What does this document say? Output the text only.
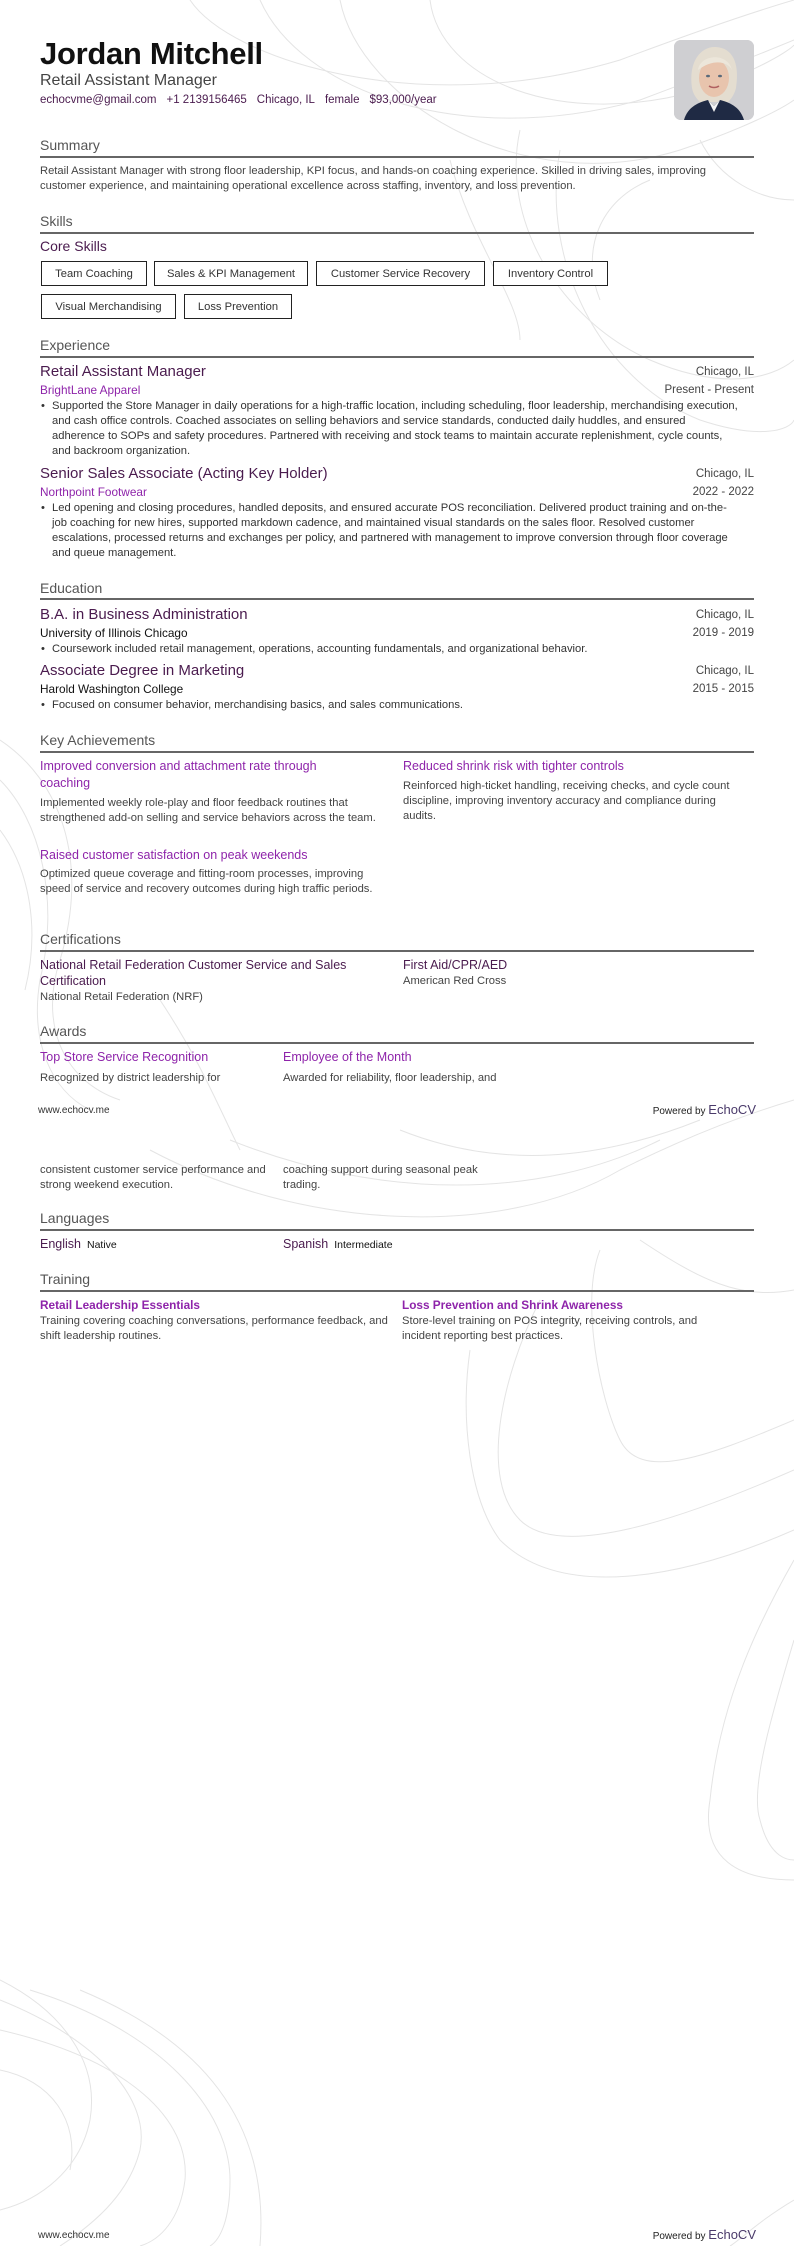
Jordan Mitchell
Retail Assistant Manager
echocvme@gmail.com +1 2139156465 Chicago, IL female $93,000/year
Summary
Retail Assistant Manager with strong floor leadership, KPI focus, and hands-on coaching experience. Skilled in driving sales, improving customer experience, and maintaining operational excellence across staffing, inventory, and loss prevention.
Skills
Core Skills
Team Coaching	Sales & KPI Management	Customer Service Recovery	Inventory Control
Visual Merchandising	Loss Prevention
Experience
Retail Assistant Manager	Chicago, IL
BrightLane Apparel	Present - Present
• Supported the Store Manager in daily operations for a high-traffic location, including scheduling, floor leadership, merchandising execution, and cash office controls. Coached associates on selling behaviors and service standards, conducted daily huddles, and ensured adherence to SOPs and safety procedures. Partnered with receiving and stock teams to maintain accurate replenishment, cycle counts, and backroom organization.
Senior Sales Associate (Acting Key Holder)	Chicago, IL
Northpoint Footwear	2022 - 2022
• Led opening and closing procedures, handled deposits, and ensured accurate POS reconciliation. Delivered product training and on-the-job coaching for new hires, supported markdown cadence, and maintained visual standards on the sales floor. Resolved customer escalations, processed returns and exchanges per policy, and partnered with management to improve conversion through floor coverage and queue management.
Education
B.A. in Business Administration	Chicago, IL
University of Illinois Chicago	2019 - 2019
• Coursework included retail management, operations, accounting fundamentals, and organizational behavior.
Associate Degree in Marketing	Chicago, IL
Harold Washington College	2015 - 2015
• Focused on consumer behavior, merchandising basics, and sales communications.
Key Achievements
Improved conversion and attachment rate through coaching
Implemented weekly role-play and floor feedback routines that strengthened add-on selling and service behaviors across the team.
Reduced shrink risk with tighter controls
Reinforced high-ticket handling, receiving checks, and cycle count discipline, improving inventory accuracy and compliance during audits.
Raised customer satisfaction on peak weekends
Optimized queue coverage and fitting-room processes, improving speed of service and recovery outcomes during high traffic periods.
Certifications
National Retail Federation Customer Service and Sales Certification
National Retail Federation (NRF)
First Aid/CPR/AED
American Red Cross
Awards
Top Store Service Recognition
Recognized by district leadership for
Employee of the Month
Awarded for reliability, floor leadership, and
www.echocv.me	Powered by EchoCV
consistent customer service performance and strong weekend execution.
coaching support during seasonal peak trading.
Languages
English Native	Spanish Intermediate
Training
Retail Leadership Essentials
Training covering coaching conversations, performance feedback, and shift leadership routines.
Loss Prevention and Shrink Awareness
Store-level training on POS integrity, receiving controls, and incident reporting best practices.
www.echocv.me	Powered by EchoCV
